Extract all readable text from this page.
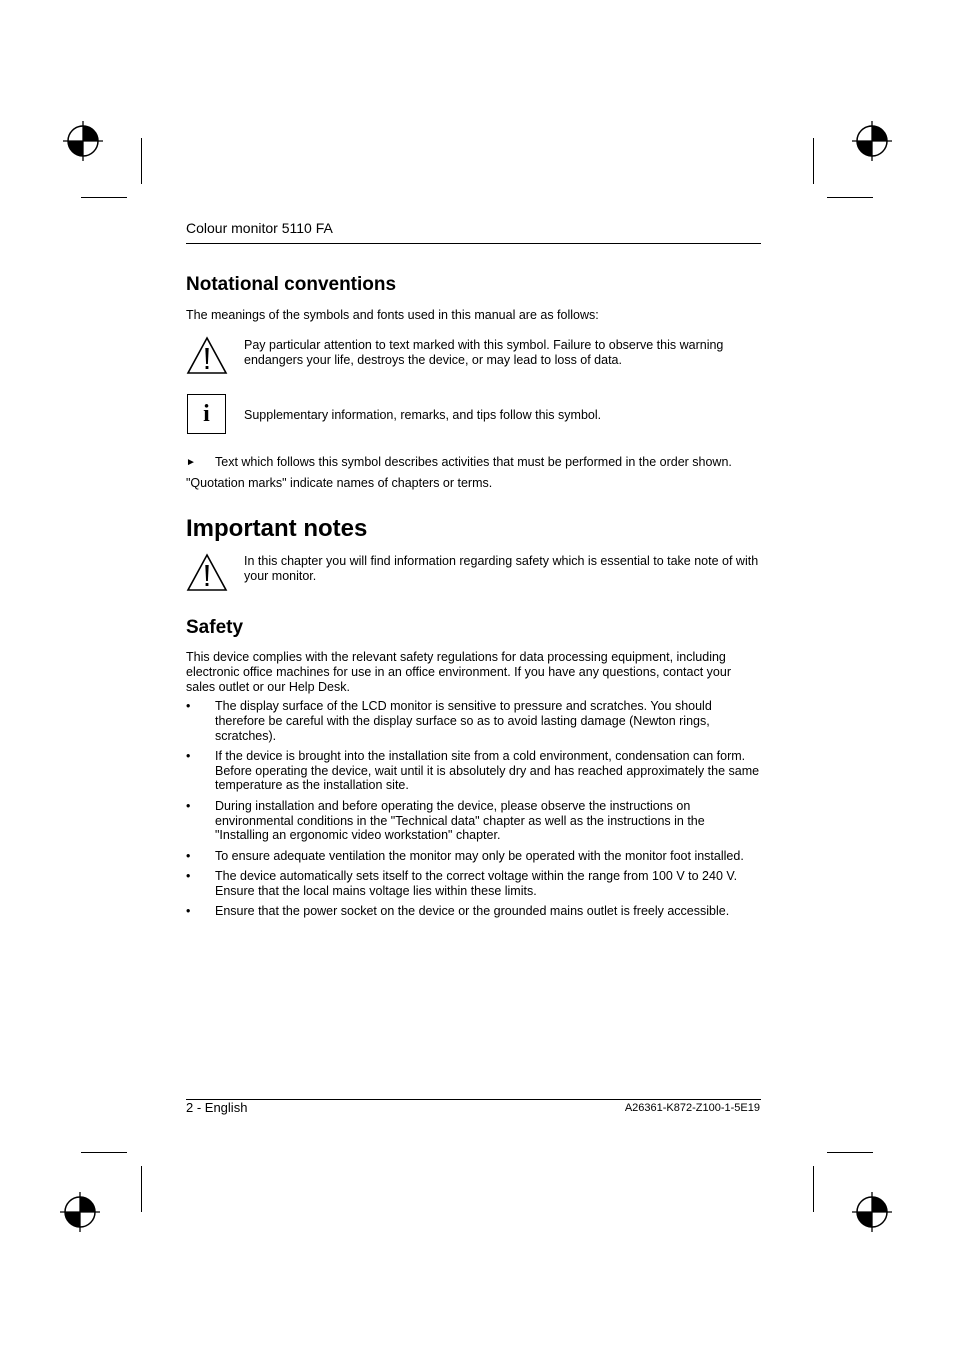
Colour monitor 5110 FA
Notational conventions
The meanings of the symbols and fonts used in this manual are as follows:
Pay particular attention to text marked with this symbol. Failure to observe this warning endangers your life, destroys the device, or may lead to loss of data.
i	Supplementary information, remarks, and tips follow this symbol.
► Text which follows this symbol describes activities that must be performed in the order shown.
"Quotation marks" indicate names of chapters or terms.
Important notes
In this chapter you will find information regarding safety which is essential to take note of with your monitor.
Safety
This device complies with the relevant safety regulations for data processing equipment, including electronic office machines for use in an office environment. If you have any questions, contact your sales outlet or our Help Desk.
• The display surface of the LCD monitor is sensitive to pressure and scratches. You should therefore be careful with the display surface so as to avoid lasting damage (Newton rings, scratches).
• If the device is brought into the installation site from a cold environment, condensation can form. Before operating the device, wait until it is absolutely dry and has reached approximately the same temperature as the installation site.
• During installation and before operating the device, please observe the instructions on environmental conditions in the "Technical data" chapter as well as the instructions in the "Installing an ergonomic video workstation" chapter.
• To ensure adequate ventilation the monitor may only be operated with the monitor foot installed.
• The device automatically sets itself to the correct voltage within the range from 100 V to 240 V. Ensure that the local mains voltage lies within these limits.
• Ensure that the power socket on the device or the grounded mains outlet is freely accessible.
2 - English	A26361-K872-Z100-1-5E19
